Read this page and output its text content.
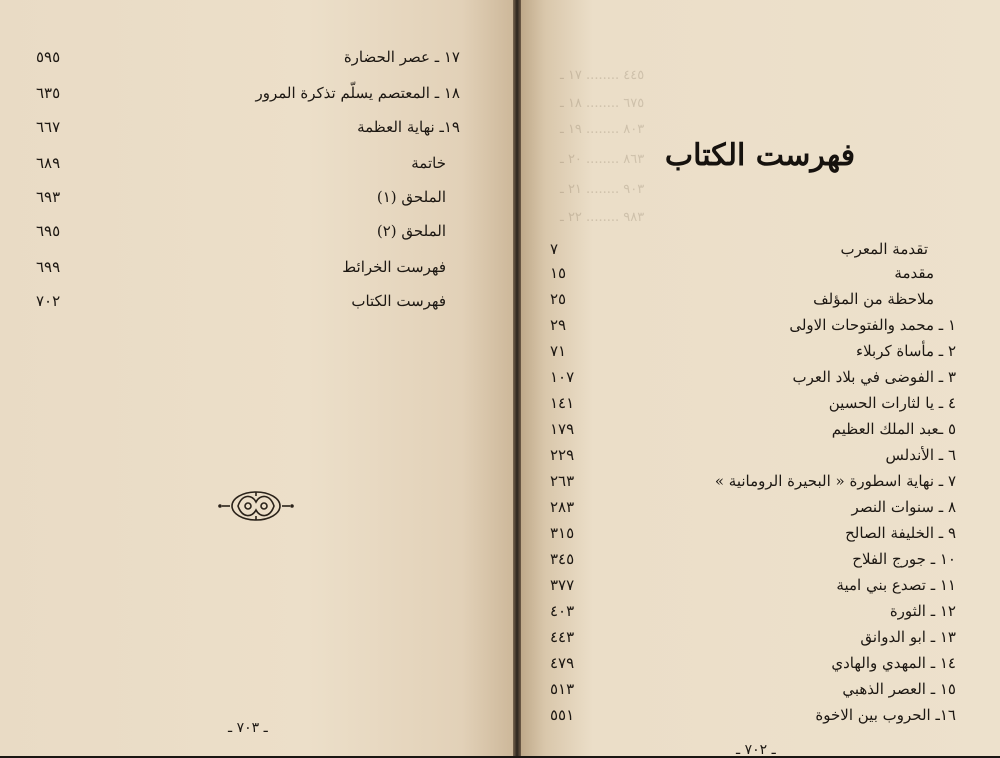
٤٤٥ ........ ١٧ ـ
٦٧٥ ........ ١٨ ـ
٨٠٣ ........ ١٩ ـ
٨٦٣ ........ ٢٠ ـ
٩٠٣ ........ ٢١ ـ
٩٨٣ ........ ٢٢ ـ
٥٩٥	١٧ ـ عصر الحضارة
٦٣٥	١٨ ـ المعتصم يسلّم تذكرة المرور
٦٦٧	١٩ـ نهاية العظمة
٦٨٩	خاتمة
٦٩٣	الملحق (١)
٦٩٥	الملحق (٢)
٦٩٩	فهرست الخرائط
٧٠٢	فهرست الكتاب
ـ ٧٠٣ ـ
فهرست الكتاب
٧	تقدمة المعرب
١٥	مقدمة
٢٥	ملاحظة من المؤلف
٢٩	١ ـ محمد والفتوحات الاولى
٧١	٢ ـ مأساة كربلاء
١٠٧	٣ ـ الفوضى في بلاد العرب
١٤١	٤ ـ يا لثارات الحسين
١٧٩	٥ ـعبد الملك العظيم
٢٢٩	٦ ـ الأندلس
٢٦٣	٧ ـ نهاية اسطورة « البحيرة الرومانية »
٢٨٣	٨ ـ سنوات النصر
٣١٥	٩ ـ الخليفة الصالح
٣٤٥	١٠ ـ جورج الفلاح
٣٧٧	١١ ـ تصدع بني امية
٤٠٣	١٢ ـ الثورة
٤٤٣	١٣ ـ ابو الدوانق
٤٧٩	١٤ ـ المهدي والهادي
٥١٣	١٥ ـ العصر الذهبي
٥٥١	١٦ـ الحروب بين الاخوة
ـ ٧٠٢ ـ
